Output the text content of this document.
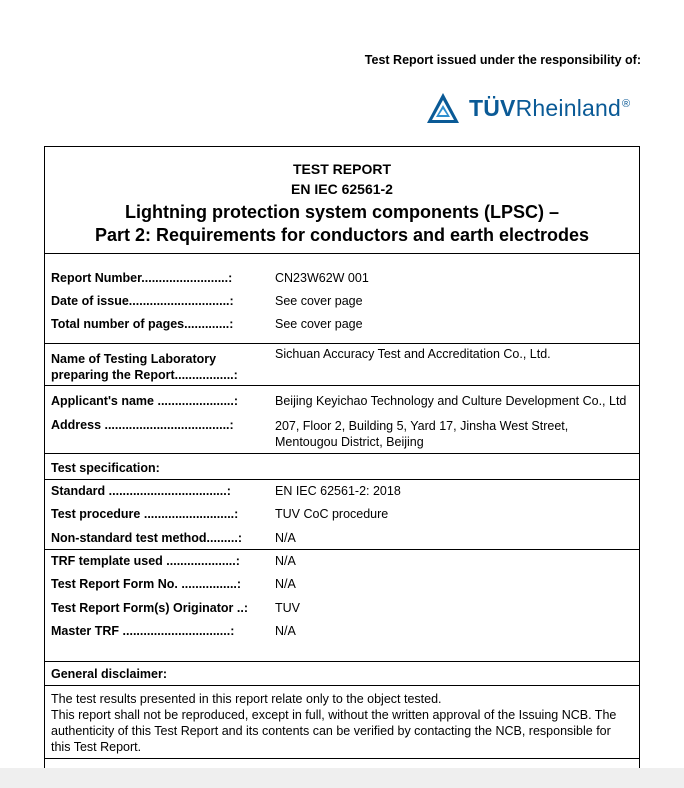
Test Report issued under the responsibility of:
TÜVRheinland®
TEST REPORT
EN IEC 62561-2
Lightning protection system components (LPSC) –
Part 2: Requirements for conductors and earth electrodes
Report Number.........................:	CN23W62W 001
Date of issue.............................:	See cover page
Total number of pages.............:	See cover page
Name of Testing Laboratory
preparing the Report.................:
Sichuan Accuracy Test and Accreditation Co., Ltd.
Applicant's name ......................:	Beijing Keyichao Technology and Culture Development Co., Ltd
Address ....................................:	207, Floor 2, Building 5, Yard 17, Jinsha West Street,
Mentougou District, Beijing
Test specification:
Standard ..................................:	EN IEC 62561-2: 2018
Test procedure ..........................:	TUV CoC procedure
Non-standard test method.........:	N/A
TRF template used ....................:	N/A
Test Report Form No. ................:	N/A
Test Report Form(s) Originator ..: TUV
Master TRF ...............................:	N/A
General disclaimer:
The test results presented in this report relate only to the object tested.
This report shall not be reproduced, except in full, without the written approval of the Issuing NCB. The
authenticity of this Test Report and its contents can be verified by contacting the NCB, responsible for
this Test Report.
